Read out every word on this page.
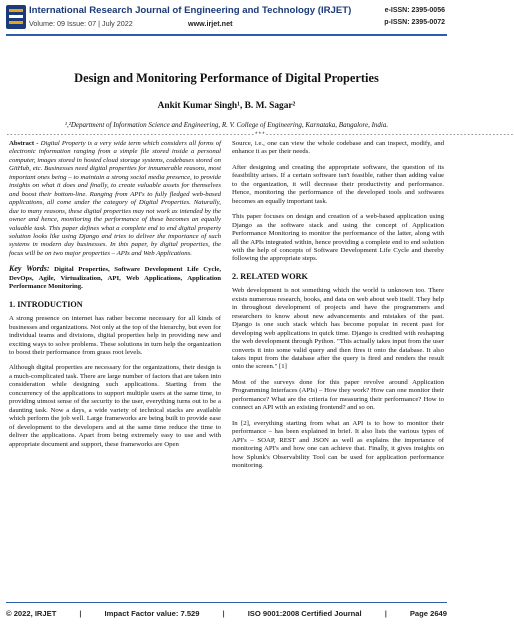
International Research Journal of Engineering and Technology (IRJET)
Volume: 09 Issue: 07 | July 2022	www.irjet.net
e-ISSN: 2395-0056
p-ISSN: 2395-0072
Design and Monitoring Performance of Digital Properties
Ankit Kumar Singh¹, B. M. Sagar²
¹,²Department of Information Science and Engineering, R. V. College of Engineering, Karnataka, Bangalore, India.
---------------------------------------------------------------------***---------------------------------------------------------------------

Abstract - Digital Property is a very wide term which considers all forms of electronic information ranging from a simple file stored inside a personal computer, images stored in hosted cloud storage systems, codebases stored on GitHub, etc. Businesses need digital properties for innumerable reasons, most important ones being – to maintain a strong social media presence, to provide insights on what it does and finally, to create valuable assets for themselves and boost their bottom-line. Ranging from API's to fully fledged web-based applications, all come under the category of Digital Properties. Naturally, due to many reasons, these digital properties may not work as intended by the owner and hence, monitoring the performance of these becomes an equally valuable task. This paper defines what a complete end to end digital property solution looks like using Django and tries to deliver the importance of such systems in modern day businesses. In this paper, by digital properties, the focus will be on two major properties – APIs and Web Applications.

Key Words: Digital Properties, Software Development Life Cycle, DevOps, Agile, Virtualization, API, Web Applications, Application Performance Monitoring.

1. INTRODUCTION

A strong presence on internet has rather become necessary for all kinds of businesses and organizations. Not only at the top of the hierarchy, but even for individual teams and divisions, digital properties help in providing new and exciting ways to solve problems. These solutions in turn help the organization to boost their performance from grass root levels.

Although digital properties are necessary for the organizations, their design is a much-complicated task. There are large number of factors that are taken into consideration while designing such applications. Starting from the concurrency of the applications to support multiple users at the same time, to providing utmost sense of the security to the user, everything turns out to be a daunting task. Now a days, a wide variety of technical stacks are available which perform the job well. Large frameworks are being built to provide ease of development to the developers and at the same time reduce the time to deliver the applications. Apart from being extremely easy to use and with appropriate document and support, these frameworks are Open

Source, i.e., one can view the whole codebase and can inspect, modify, and enhance it as per their needs.

After designing and creating the appropriate software, the question of its feasibility arises. If a certain software isn't feasible, rather than adding value to the organization, it will decrease their productivity and performance. Hence, monitoring the performance of the developed tools and softwares becomes an equally important task.

This paper focuses on design and creation of a web-based application using Django as the software stack and using the concept of Application Performance Monitoring to monitor the performance of the latter, along with all the APIs integrated within, hence providing a complete end to end solution with the help of concepts of Software Development Life Cycle and thereby following the appropriate steps.

2. RELATED WORK

Web development is not something which the world is unknown too. There exists numerous research, books, and data on web about web itself. They help in throughout development of projects and have the programmers and researchers to know about new advancements and mistakes of the past. Django is one such stack which has become popular in recent past for developing web applications in quick time. Django is credited with reshaping the web development through Python. "This actually takes input from the user converts it into some valid query and then fires it onto the database. It also takes input from the database after the query is fired and renders the result onto the screen." [1]

Most of the surveys done for this paper revolve around Application Programming Interfaces (APIs) – How they work? How can one monitor their performance? What are the criteria for measuring their performance? How to connect an API with an existing frontend? and so on.

In [2], everything starting from what an API is to how to monitor their performance – has been explained in brief. It also lists the various types of API's – SOAP, REST and JSON as well as explains the importance of monitoring API's and how one can achieve that. Finally, it gives insights on how Splunk's Observability Tool can be used for application performance monitoring.

© 2022, IRJET	|	Impact Factor value: 7.529	|	ISO 9001:2008 Certified Journal	|	Page 2649
